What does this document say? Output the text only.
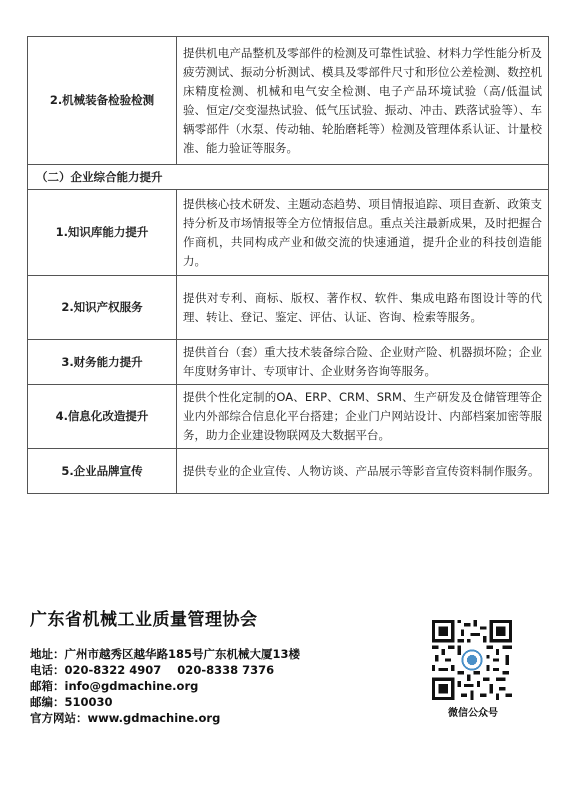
2.机械装备检验检测	提供机电产品整机及零部件的检测及可靠性试验、材料力学性能分析及疲劳测试、振动分析测试、模具及零部件尺寸和形位公差检测、数控机床精度检测、机械和电气安全检测、电子产品环境试验（高/低温试验、恒定/交变湿热试验、低气压试验、振动、冲击、跌落试验等）、车辆零部件（水泵、传动轴、轮胎磨耗等）检测及管理体系认证、计量校准、能力验证等服务。
（二）企业综合能力提升	
1.知识库能力提升	提供核心技术研发、主题动态趋势、项目情报追踪、项目查新、政策支持分析及市场情报等全方位情报信息。重点关注最新成果，及时把握合作商机，共同构成产业和做交流的快速通道，提升企业的科技创造能力。
2.知识产权服务	提供对专利、商标、版权、著作权、软件、集成电路布图设计等的代理、转让、登记、鉴定、评估、认证、咨询、检索等服务。
3.财务能力提升	提供首台（套）重大技术装备综合险、企业财产险、机器损坏险；企业年度财务审计、专项审计、企业财务咨询等服务。
4.信息化改造提升	提供个性化定制的OA、ERP、CRM、SRM、生产研发及仓储管理等企业内外部综合信息化平台搭建；企业门户网站设计、内部档案加密等服务，助力企业建设物联网及大数据平台。
5.企业品牌宣传	提供专业的企业宣传、人物访谈、产品展示等影音宣传资料制作服务。
广东省机械工业质量管理协会
地址：广州市越秀区越华路185号广东机械大厦13楼
电话：020-8322 4907    020-8338 7376
邮箱：info@gdmachine.org
邮编：510030
官方网站：www.gdmachine.org	微信公众号
